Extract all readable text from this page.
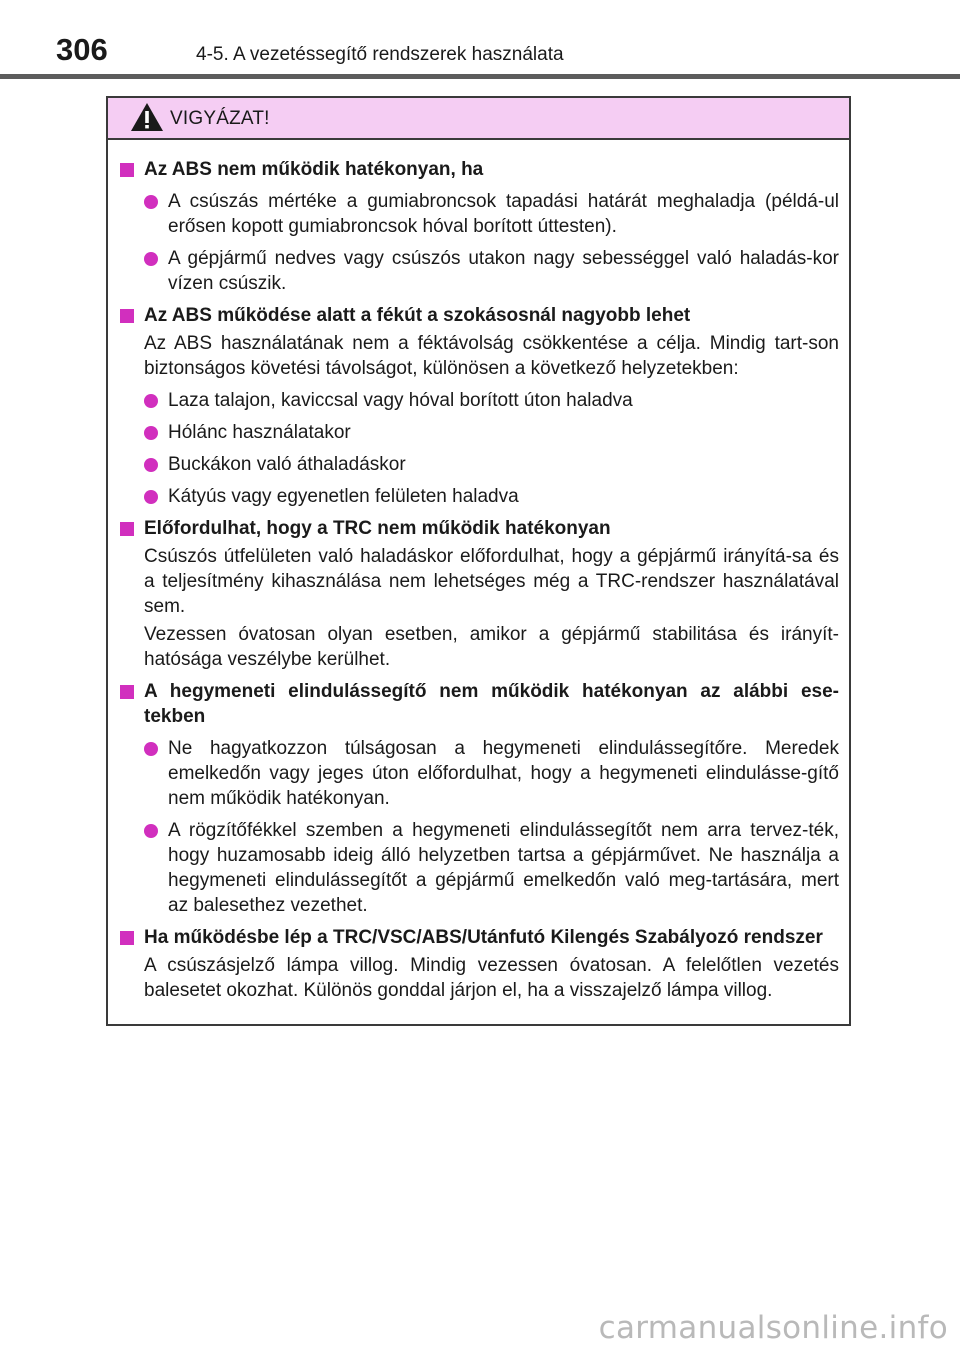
306	4-5. A vezetéssegítő rendszerek használata
VIGYÁZAT!
Az ABS nem működik hatékonyan, ha
A csúszás mértéke a gumiabroncsok tapadási határát meghaladja (példá-ul erősen kopott gumiabroncsok hóval borított úttesten).
A gépjármű nedves vagy csúszós utakon nagy sebességgel való haladás-kor vízen csúszik.
Az ABS működése alatt a fékút a szokásosnál nagyobb lehet
Az ABS használatának nem a féktávolság csökkentése a célja. Mindig tart-son biztonságos követési távolságot, különösen a következő helyzetekben:
Laza talajon, kaviccsal vagy hóval borított úton haladva
Hólánc használatakor
Buckákon való áthaladáskor
Kátyús vagy egyenetlen felületen haladva
Előfordulhat, hogy a TRC nem működik hatékonyan
Csúszós útfelületen való haladáskor előfordulhat, hogy a gépjármű irányítá-sa és a teljesítmény kihasználása nem lehetséges még a TRC-rendszer használatával sem.
Vezessen óvatosan olyan esetben, amikor a gépjármű stabilitása és irányít-hatósága veszélybe kerülhet.
A hegymeneti elindulássegítő nem működik hatékonyan az alábbi ese-tekben
Ne hagyatkozzon túlságosan a hegymeneti elindulássegítőre. Meredek emelkedőn vagy jeges úton előfordulhat, hogy a hegymeneti elindulásse-gítő nem működik hatékonyan.
A rögzítőfékkel szemben a hegymeneti elindulássegítőt nem arra tervez-ték, hogy huzamosabb ideig álló helyzetben tartsa a gépjárművet. Ne használja a hegymeneti elindulássegítőt a gépjármű emelkedőn való meg-tartására, mert az balesethez vezethet.
Ha működésbe lép a TRC/VSC/ABS/Utánfutó Kilengés Szabályozó rendszer
A csúszásjelző lámpa villog. Mindig vezessen óvatosan. A felelőtlen vezetés balesetet okozhat. Különös gonddal járjon el, ha a visszajelző lámpa villog.
carmanualsonline.info
